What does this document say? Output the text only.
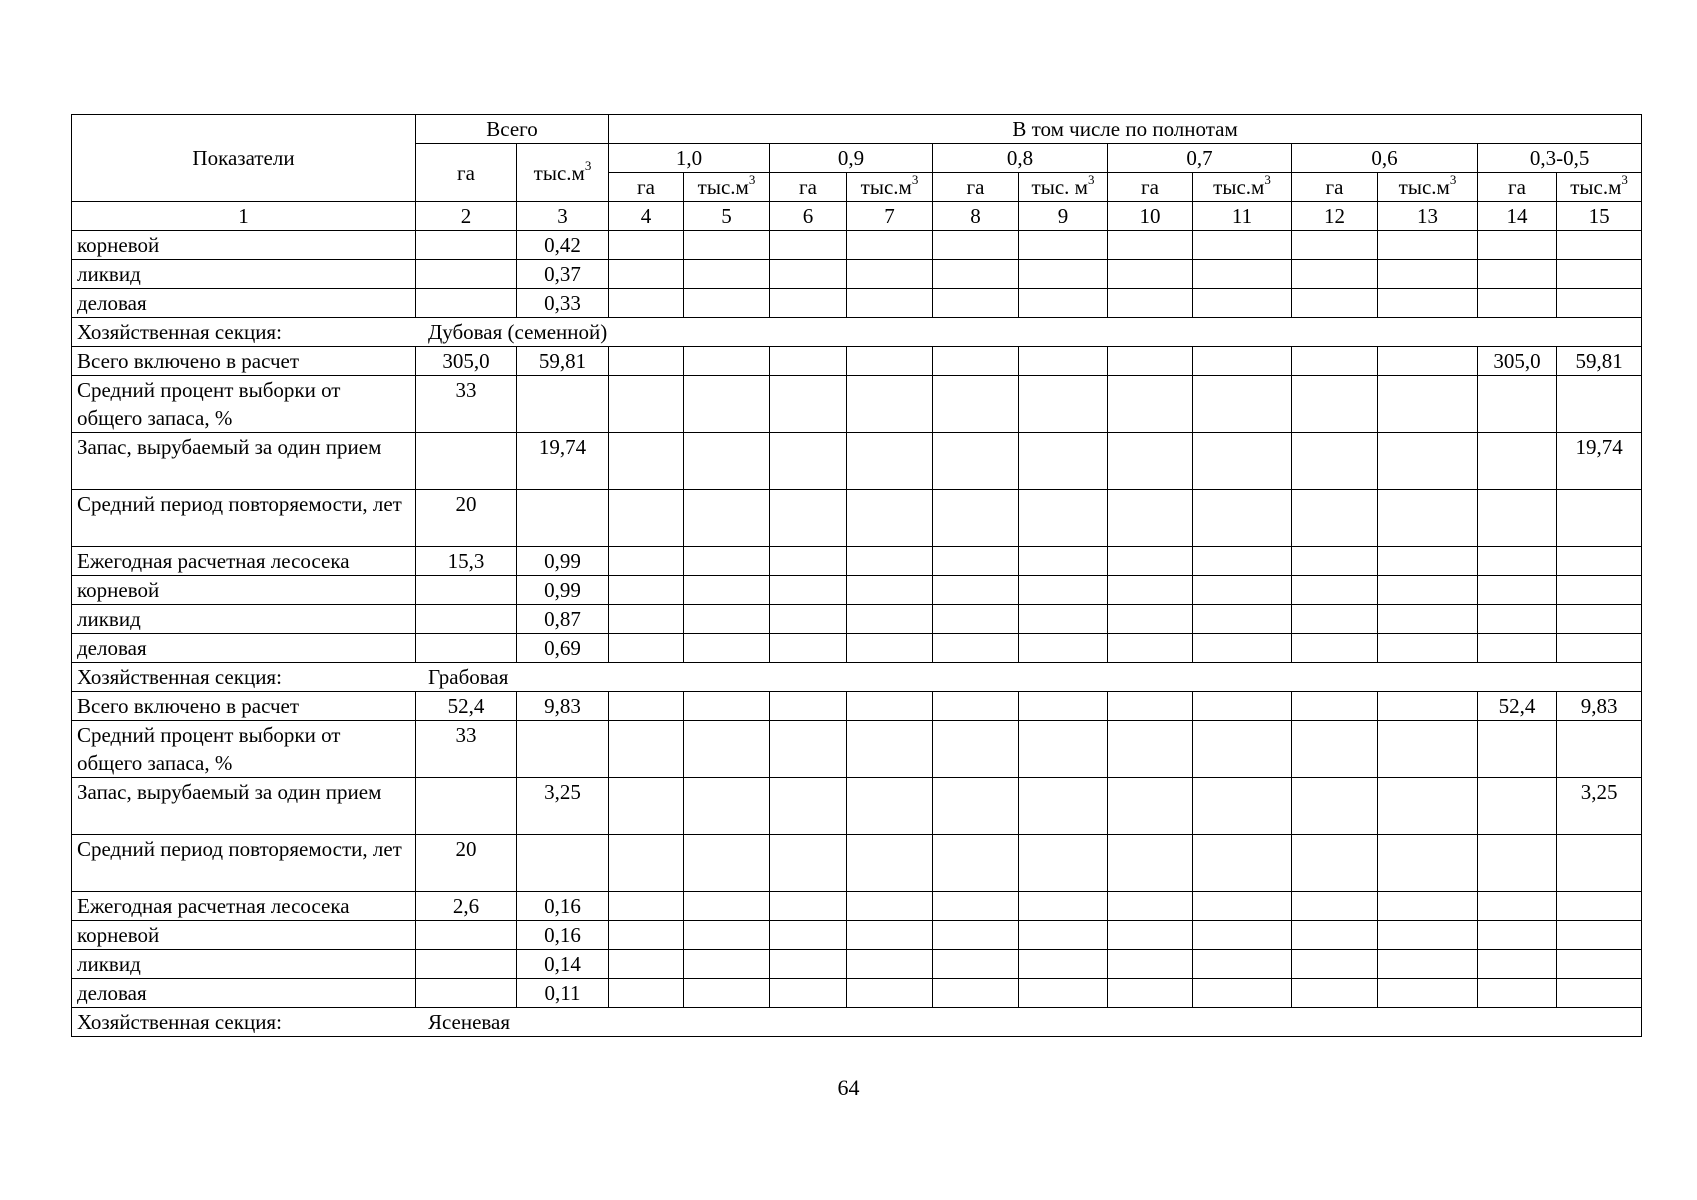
Показатели	Всего		В том числе по полнотам											
	га	$тыс.м^3$	1,0		0,9		0,8		0,7		0,6		0,3-0,5	
			га	$тыс.м^3$	га	$тыс.м^3$	га	тыс. $м^3$	га	$тыс.м^3$	га	$тыс.м^3$	га	$тыс.м^3$
1	2	3	4	5	6	7	8	9	10	11	12	13	14	15
корневой		0,42												
ликвид		0,37												
деловая		0,33												
Хозяйственная секция: Дубовая (семенной)														
Всего включено в расчет	305,0	59,81											305,0	59,81
Средний процент выборки от общего запаса, %	33													
Запас, вырубаемый за один прием		19,74												19,74
Средний период повторяемости, лет	20													
Ежегодная расчетная лесосека	15,3	0,99												
корневой		0,99												
ликвид		0,87												
деловая		0,69												
Хозяйственная секция: Грабовая														
Всего включено в расчет	52,4	9,83											52,4	9,83
Средний процент выборки от общего запаса, %	33													
Запас, вырубаемый за один прием		3,25												3,25
Средний период повторяемости, лет	20													
Ежегодная расчетная лесосека	2,6	0,16												
корневой		0,16												
ликвид		0,14												
деловая		0,11												
Хозяйственная секция: Ясеневая														
64
